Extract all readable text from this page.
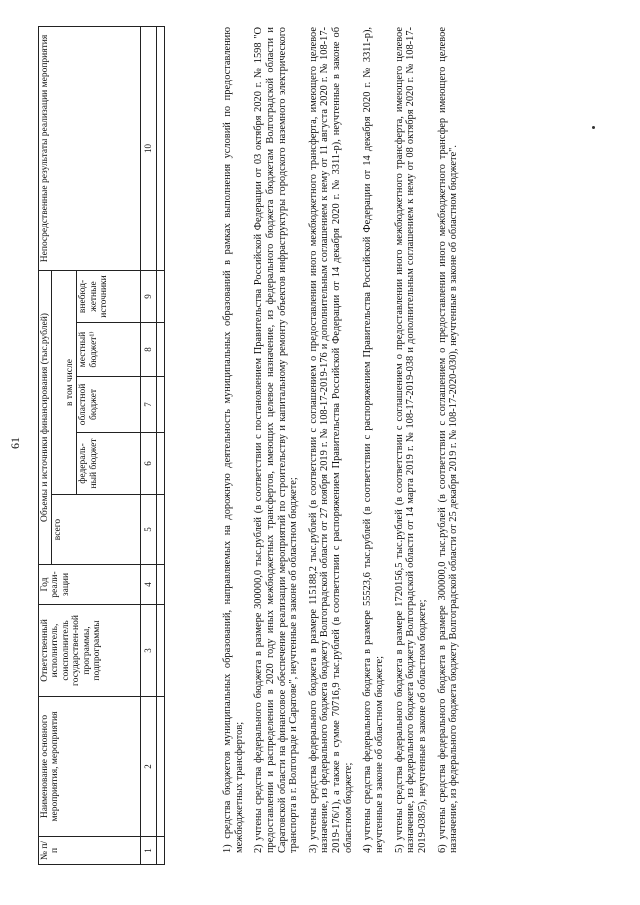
61
№ п/п	Наименование основного мероприятия, мероприятия	Ответственный исполнитель, соисполнитель государствен-ной программы, подпрограммы	Год реали-зации	Объемы и источники финансирования (тыс.рублей)					Непосредственные результаты реализации мероприятия
				всего					
					в том числе				
					федераль-ный бюджет	областной бюджет	местный бюджет¹⁾	внебюд-жетные источники	
1	2	3	4	5	6	7	8	9	10
										1) средства бюджетов муниципальных образований, направляемых на дорожную деятельность муниципальных образований в рамках выполнения условий по предоставлению межбюджетных трансфертов; 2) учтены средства федерального бюджета в размере 300000,0 тыс.рублей (в соответствии с постановлением Правительства Российской Федерации от 03 октября 2020 г. № 1598 "О предоставлении и распределении в 2020 году иных межбюджетных трансфертов, имеющих целевое назначение, из федерального бюджета бюджетам Волгоградской области и Саратовской области на финансовое обеспечение реализации мероприятий по строительству и капитальному ремонту объектов инфраструктуры городского наземного электрического транспорта в г. Волгограде и Саратове", неучтенные в законе об областном бюджете; 3) учтены средства федерального бюджета в размере 115188,2 тыс.рублей (в соответствии с соглашением о предоставлении иного межбюджетного трансферта, имеющего целевое назначение, из федерального бюджета бюджету Волгоградской области от 27 ноября 2019 г. № 108-17-2019-176 и дополнительным соглашением к нему от 11 августа 2020 г. № 108-17-2019-176/1), а также в сумме 70716,9 тыс.рублей (в соответствии с распоряжением Правительства Российской Федерации от 14 декабря 2020 г. № 3311-р), неучтенные в законе об областном бюджете; 4) учтены средства федерального бюджета в размере 55523,6 тыс.рублей (в соответствии с распоряжением Правительства Российской Федерации от 14 декабря 2020 г. № 3311-р), неучтенные в законе об областном бюджете; 5) учтены средства федерального бюджета в размере 1720156,5 тыс.рублей (в соответствии с соглашением о предоставлении иного межбюджетного трансферта, имеющего целевое назначение, из федерального бюджета бюджету Волгоградской области от 14 марта 2019 г. № 108-17-2019-038 и дополнительным соглашением к нему от 08 октября 2020 г. № 108-17-2019-038/5), неучтенные в законе об областном бюджете; 6) учтены средства федерального бюджета в размере 300000,0 тыс.рублей (в соответствии с соглашением о предоставлении иного межбюджетного трансфер имеющего целевое назначение, из федерального бюджета бюджету Волгоградской области от 25 декабря 2019 г. № 108-17-2020-030), неучтенные в законе об областном бюджете".
